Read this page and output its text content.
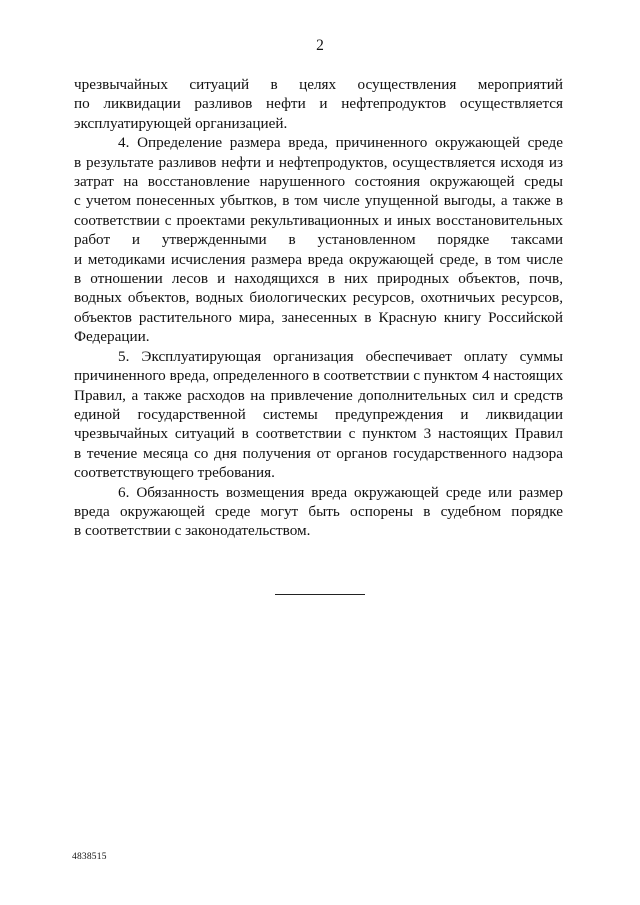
2

чрезвычайных ситуаций в целях осуществления мероприятий
по ликвидации разливов нефти и нефтепродуктов осуществляется
эксплуатирующей организацией.

4. Определение размера вреда, причиненного окружающей среде
в результате разливов нефти и нефтепродуктов, осуществляется исходя из
затрат на восстановление нарушенного состояния окружающей среды
с учетом понесенных убытков, в том числе упущенной выгоды, а также в
соответствии с проектами рекультивационных и иных восстановительных
работ и утвержденными в установленном порядке таксами
и методиками исчисления размера вреда окружающей среде, в том числе
в отношении лесов и находящихся в них природных объектов, почв,
водных объектов, водных биологических ресурсов, охотничьих ресурсов,
объектов растительного мира, занесенных в Красную книгу Российской
Федерации.

5. Эксплуатирующая организация обеспечивает оплату суммы
причиненного вреда, определенного в соответствии с пунктом 4 настоящих
Правил, а также расходов на привлечение дополнительных сил и средств
единой государственной системы предупреждения и ликвидации
чрезвычайных ситуаций в соответствии с пунктом 3 настоящих Правил
в течение месяца со дня получения от органов государственного надзора
соответствующего требования.

6. Обязанность возмещения вреда окружающей среде или размер
вреда окружающей среде могут быть оспорены в судебном порядке
в соответствии с законодательством.

4838515
